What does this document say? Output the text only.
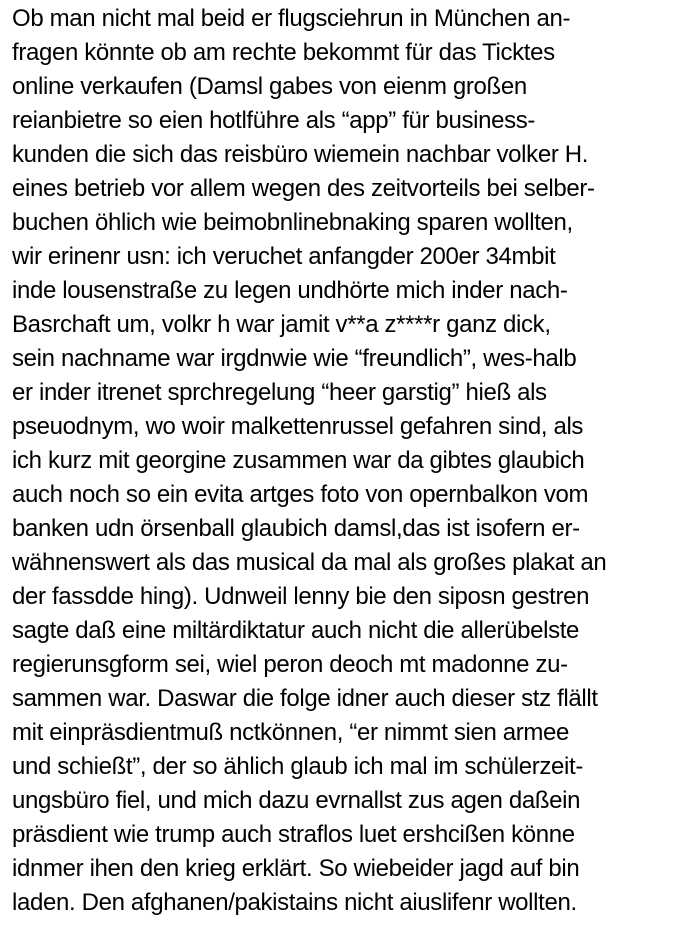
Ob man nicht mal beid er flugsciehrun in München an-
fragen könnte ob am rechte bekommt für das Ticktes
online verkaufen (Damsl gabes von eienm großen
reianbietre so eien hotlführe als “app” für business-
kunden die sich das reisbüro wiemein nachbar volker H.
eines betrieb vor allem wegen des zeitvorteils bei selber-
buchen öhlich wie beimobnlinebnaking sparen wollten,
wir erinenr usn: ich veruchet anfangder 200er 34mbit
inde lousenstraße zu legen undhörte mich inder nach-
Basrchaft um, volkr h war jamit v**a z****r ganz dick,
sein nachname war irgdnwie wie “freundlich”, wes-halb
er inder itrenet sprchregelung “heer garstig” hieß als
pseuodnym, wo woir malkettenrussel gefahren sind, als
ich kurz mit georgine zusammen war da gibtes glaubich
auch noch so ein evita artges foto von opernbalkon vom
banken udn örsenball glaubich damsl,das ist isofern er-
wähnenswert als das musical da mal als großes plakat an
der fassdde hing). Udnweil lenny bie den siposn gestren
sagte daß eine miltärdiktatur auch nicht die allerübelste
regierunsgform sei, wiel peron deoch mt madonne zu-
sammen war. Daswar die folge idner auch dieser stz flällt
mit einpräsdientmuß nctkönnen, “er nimmt sien armee
und schießt”, der so ählich glaub ich mal im schülerzeit-
ungsbüro fiel, und mich dazu evrnallst zus agen daßein
präsdient wie trump auch straflos luet ershcißen könne
idnmer ihen den krieg erklärt. So wiebeider jagd auf bin
laden. Den afghanen/pakistains nicht aiuslifenr wollten.
